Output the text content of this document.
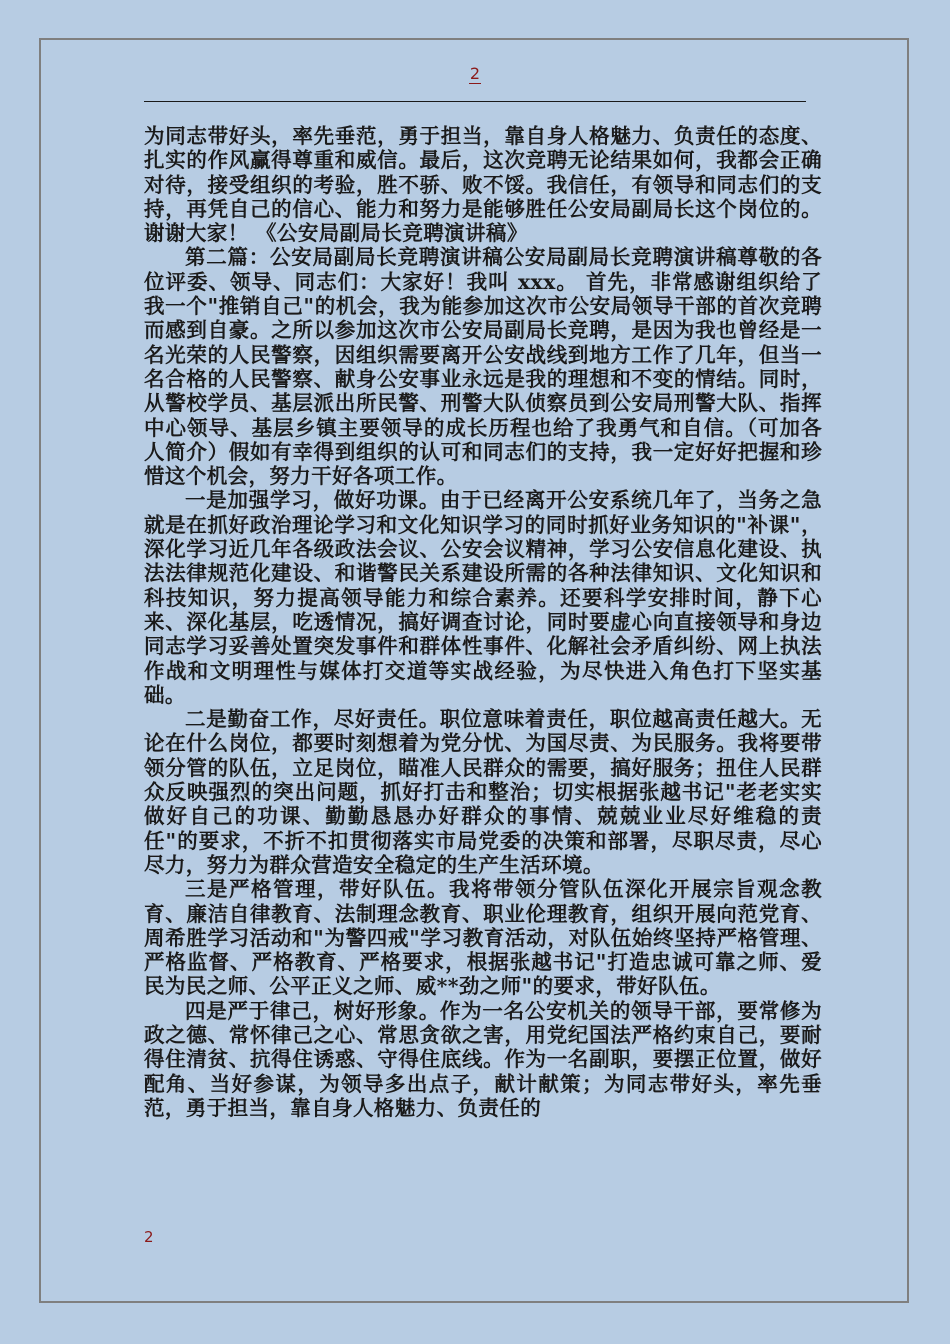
2

为同志带好头，率先垂范，勇于担当，靠自身人格魅力、负责任的态度、扎实的作风赢得尊重和威信。最后，这次竞聘无论结果如何，我都会正确对待，接受组织的考验，胜不骄、败不馁。我信任，有领导和同志们的支持，再凭自己的信心、能力和努力是能够胜任公安局副局长这个岗位的。谢谢大家！ 《公安局副局长竞聘演讲稿》

第二篇：公安局副局长竞聘演讲稿公安局副局长竞聘演讲稿尊敬的各位评委、领导、同志们：大家好！我叫 xxx。 首先，非常感谢组织给了我一个"推销自己"的机会，我为能参加这次市公安局领导干部的首次竞聘而感到自豪。之所以参加这次市公安局副局长竞聘，是因为我也曾经是一名光荣的人民警察，因组织需要离开公安战线到地方工作了几年，但当一名合格的人民警察、献身公安事业永远是我的理想和不变的情结。同时，从警校学员、基层派出所民警、刑警大队侦察员到公安局刑警大队、指挥中心领导、基层乡镇主要领导的成长历程也给了我勇气和自信。（可加各人简介）假如有幸得到组织的认可和同志们的支持，我一定好好把握和珍惜这个机会，努力干好各项工作。

一是加强学习，做好功课。由于已经离开公安系统几年了，当务之急就是在抓好政治理论学习和文化知识学习的同时抓好业务知识的"补课"，深化学习近几年各级政法会议、公安会议精神，学习公安信息化建设、执法法律规范化建设、和谐警民关系建设所需的各种法律知识、文化知识和科技知识，努力提高领导能力和综合素养。还要科学安排时间，静下心来、深化基层，吃透情况，搞好调查讨论，同时要虚心向直接领导和身边同志学习妥善处置突发事件和群体性事件、化解社会矛盾纠纷、网上执法作战和文明理性与媒体打交道等实战经验，为尽快进入角色打下坚实基础。

二是勤奋工作，尽好责任。职位意味着责任，职位越高责任越大。无论在什么岗位，都要时刻想着为党分忧、为国尽责、为民服务。我将要带领分管的队伍，立足岗位，瞄准人民群众的需要，搞好服务；扭住人民群众反映强烈的突出问题，抓好打击和整治；切实根据张越书记"老老实实做好自己的功课、勤勤恳恳办好群众的事情、兢兢业业尽好维稳的责任"的要求，不折不扣贯彻落实市局党委的决策和部署，尽职尽责，尽心尽力，努力为群众营造安全稳定的生产生活环境。

三是严格管理，带好队伍。我将带领分管队伍深化开展宗旨观念教育、廉洁自律教育、法制理念教育、职业伦理教育，组织开展向范党育、周希胜学习活动和"为警四戒"学习教育活动，对队伍始终坚持严格管理、严格监督、严格教育、严格要求，根据张越书记"打造忠诚可靠之师、爱民为民之师、公平正义之师、威**劲之师"的要求，带好队伍。

四是严于律己，树好形象。作为一名公安机关的领导干部，要常修为政之德、常怀律己之心、常思贪欲之害，用党纪国法严格约束自己，要耐得住清贫、抗得住诱惑、守得住底线。作为一名副职，要摆正位置，做好配角、当好参谋，为领导多出点子，献计献策；为同志带好头，率先垂范，勇于担当，靠自身人格魅力、负责任的

2
